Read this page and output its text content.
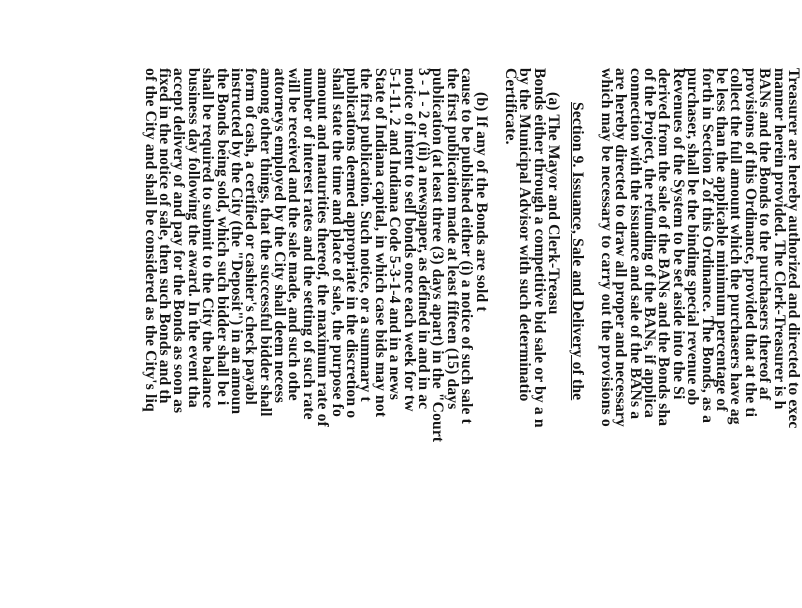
Treasurer are hereby authorized and directed to exec
manner herein provided. The Clerk-Treasurer is h
BANs and the Bonds to the purchasers thereof af
provisions of this Ordinance, provided that at the ti
collect the full amount which the purchasers have ag
be less than the applicable minimum percentage of
forth in Section 2 of this Ordinance. The Bonds, as a
purchaser, shall be the binding special revenue ob
Revenues of the System to be set aside into the Si
derived from the sale of the BANs and the Bonds sha
of the Project, the refunding of the BANs, if applica
connection with the issuance and sale of the BANs a
are hereby directed to draw all proper and necessary
which may be necessary to carry out the provisions o
Section 9. Issuance, Sale and Delivery of the
(a) The Mayor and Clerk-Treasu
Bonds either through a competitive bid sale or by a n
by the Municipal Advisor with such determinatio
Certificate.
(b) If any of the Bonds are sold t
cause to be published either (i) a notice of such sale t
the first publication made at least fifteen (15) days
publication (at least three (3) days apart) in the "Court
3 - 1 - 2 or (ii) a newspaper, as defined in and in ac
notice of intent to sell bonds once each week for tw
5-1-11. 2 and Indiana Code 5-3-1-4 and in a news
State of Indiana capital, in which case bids may not
the first publication. Such notice, or a summary t
publications deemed appropriate in the discretion o
shall state the time and place of sale, the purpose fo
amount and maturities thereof, the maximum rate of
number of interest rates and the setting of such rate
will be received and the sale made, and such othe
attorneys employed by the City shall deem necess
among other things, that the successful bidder shall
form of cash, a certified or cashier's check payabl
instructed by the City (the "Deposit") in an amoun
the Bonds being sold, which such bidder shall be i
shall be required to submit to the City the balance
business day following the award. In the event tha
accept delivery of and pay for the Bonds as soon as
fixed in the notice of sale, then such Bonds and th
of the City and shall be considered as the City's liq
